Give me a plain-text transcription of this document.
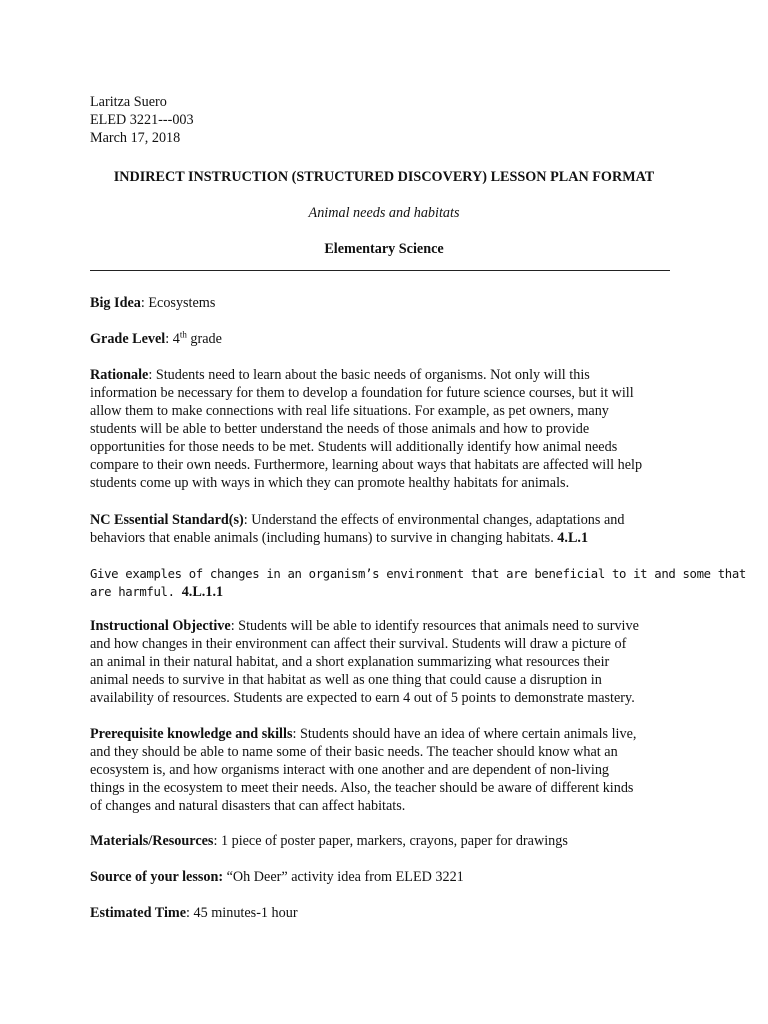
Laritza Suero
ELED 3221---003
March 17, 2018
INDIRECT INSTRUCTION (STRUCTURED DISCOVERY) LESSON PLAN FORMAT
Animal needs and habitats
Elementary Science
Big Idea: Ecosystems
Grade Level: 4th grade
Rationale: Students need to learn about the basic needs of organisms. Not only will this
information be necessary for them to develop a foundation for future science courses, but it will
allow them to make connections with real life situations. For example, as pet owners, many
students will be able to better understand the needs of those animals and how to provide
opportunities for those needs to be met. Students will additionally identify how animal needs
compare to their own needs. Furthermore, learning about ways that habitats are affected will help
students come up with ways in which they can promote healthy habitats for animals.
NC Essential Standard(s): Understand the effects of environmental changes, adaptations and
behaviors that enable animals (including humans) to survive in changing habitats. 4.L.1
Give examples of changes in an organism’s environment that are beneficial to it and some that
are harmful. 4.L.1.1
Instructional Objective: Students will be able to identify resources that animals need to survive
and how changes in their environment can affect their survival. Students will draw a picture of
an animal in their natural habitat, and a short explanation summarizing what resources their
animal needs to survive in that habitat as well as one thing that could cause a disruption in
availability of resources. Students are expected to earn 4 out of 5 points to demonstrate mastery.
Prerequisite knowledge and skills: Students should have an idea of where certain animals live,
and they should be able to name some of their basic needs. The teacher should know what an
ecosystem is, and how organisms interact with one another and are dependent of non-living
things in the ecosystem to meet their needs. Also, the teacher should be aware of different kinds
of changes and natural disasters that can affect habitats.
Materials/Resources: 1 piece of poster paper, markers, crayons, paper for drawings
Source of your lesson: “Oh Deer” activity idea from ELED 3221
Estimated Time: 45 minutes-1 hour
